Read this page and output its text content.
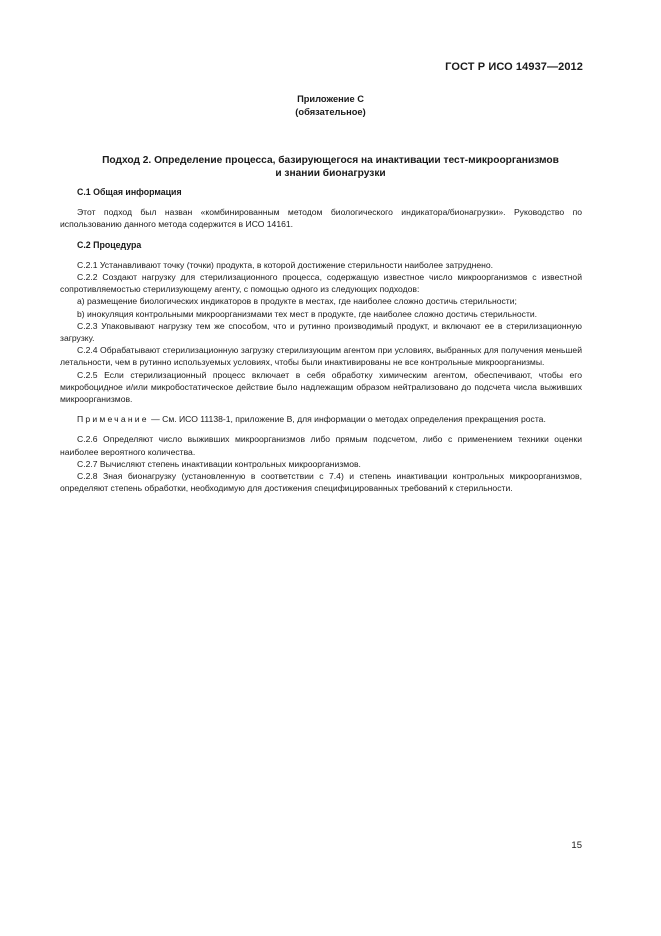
ГОСТ Р ИСО 14937—2012
Приложение С
(обязательное)
Подход 2. Определение процесса, базирующегося на инактивации тест-микроорганизмов
и знании бионагрузки
С.1 Общая информация

Этот подход был назван «комбинированным методом биологического индикатора/бионагрузки». Руководство по использованию данного метода содержится в ИСО 14161.

С.2 Процедура

С.2.1 Устанавливают точку (точки) продукта, в которой достижение стерильности наиболее затруднено.

С.2.2 Создают нагрузку для стерилизационного процесса, содержащую известное число микроорганизмов с известной сопротивляемостью стерилизующему агенту, с помощью одного из следующих подходов:

a) размещение биологических индикаторов в продукте в местах, где наиболее сложно достичь стерильности;

b) инокуляция контрольными микроорганизмами тех мест в продукте, где наиболее сложно достичь стерильности.

С.2.3 Упаковывают нагрузку тем же способом, что и рутинно производимый продукт, и включают ее в стерилизационную загрузку.

С.2.4 Обрабатывают стерилизационную загрузку стерилизующим агентом при условиях, выбранных для получения меньшей летальности, чем в рутинно используемых условиях, чтобы были инактивированы не все контрольные микроорганизмы.

С.2.5 Если стерилизационный процесс включает в себя обработку химическим агентом, обеспечивают, чтобы его микробоцидное и/или микробостатическое действие было надлежащим образом нейтрализовано до подсчета числа выживших микроорганизмов.

Примечание — См. ИСО 11138-1, приложение В, для информации о методах определения прекращения роста.

С.2.6 Определяют число выживших микроорганизмов либо прямым подсчетом, либо с применением техники оценки наиболее вероятного количества.

С.2.7 Вычисляют степень инактивации контрольных микроорганизмов.

С.2.8 Зная бионагрузку (установленную в соответствии с 7.4) и степень инактивации контрольных микроорганизмов, определяют степень обработки, необходимую для достижения специфицированных требований к стерильности.

15
